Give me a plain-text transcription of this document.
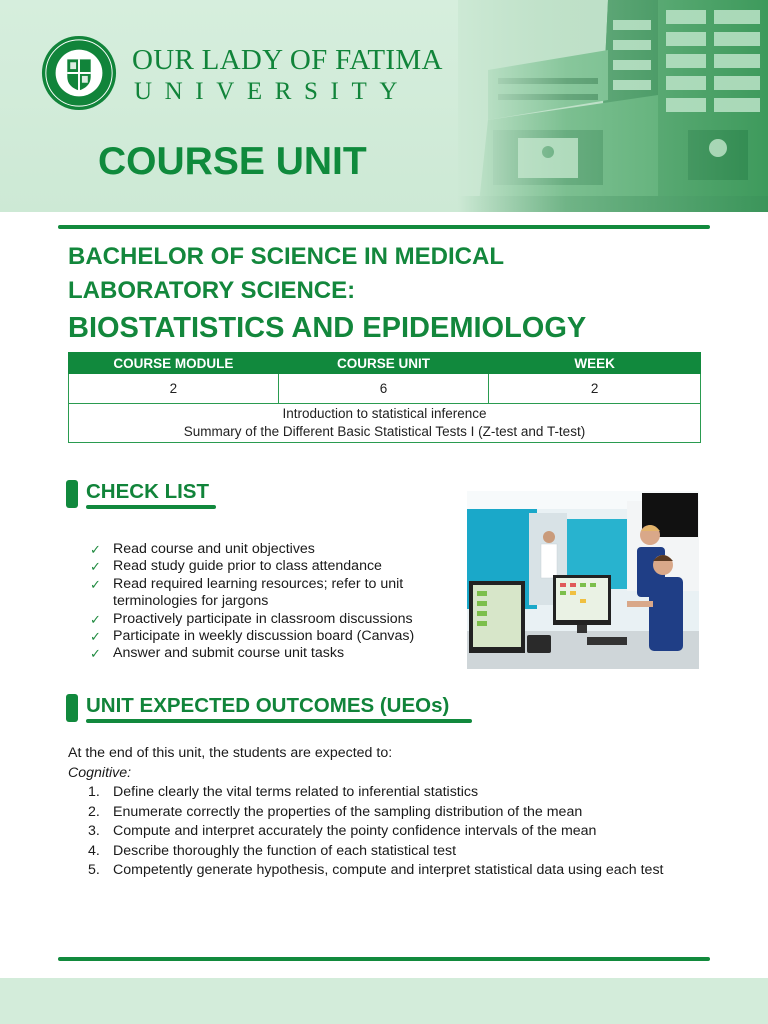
OUR LADY OF FATIMA
UNIVERSITY
COURSE UNIT
BACHELOR OF SCIENCE IN MEDICAL
LABORATORY SCIENCE:
BIOSTATISTICS AND EPIDEMIOLOGY
COURSE MODULE	COURSE UNIT	WEEK
2	6	2

Introduction to statistical inference
Summary of the Different Basic Statistical Tests I (Z-test and T-test)		
CHECK LIST
✓ Read course and unit objectives
✓ Read study guide prior to class attendance
✓ Read required learning resources; refer to unit terminologies for jargons
✓ Proactively participate in classroom discussions
✓ Participate in weekly discussion board (Canvas)
✓ Answer and submit course unit tasks
UNIT EXPECTED OUTCOMES (UEOs)
At the end of this unit, the students are expected to:
Cognitive:
1. Define clearly the vital terms related to inferential statistics
2. Enumerate correctly the properties of the sampling distribution of the mean
3. Compute and interpret accurately the pointy confidence intervals of the mean
4. Describe thoroughly the function of each statistical test
5. Competently generate hypothesis, compute and interpret statistical data using each test
